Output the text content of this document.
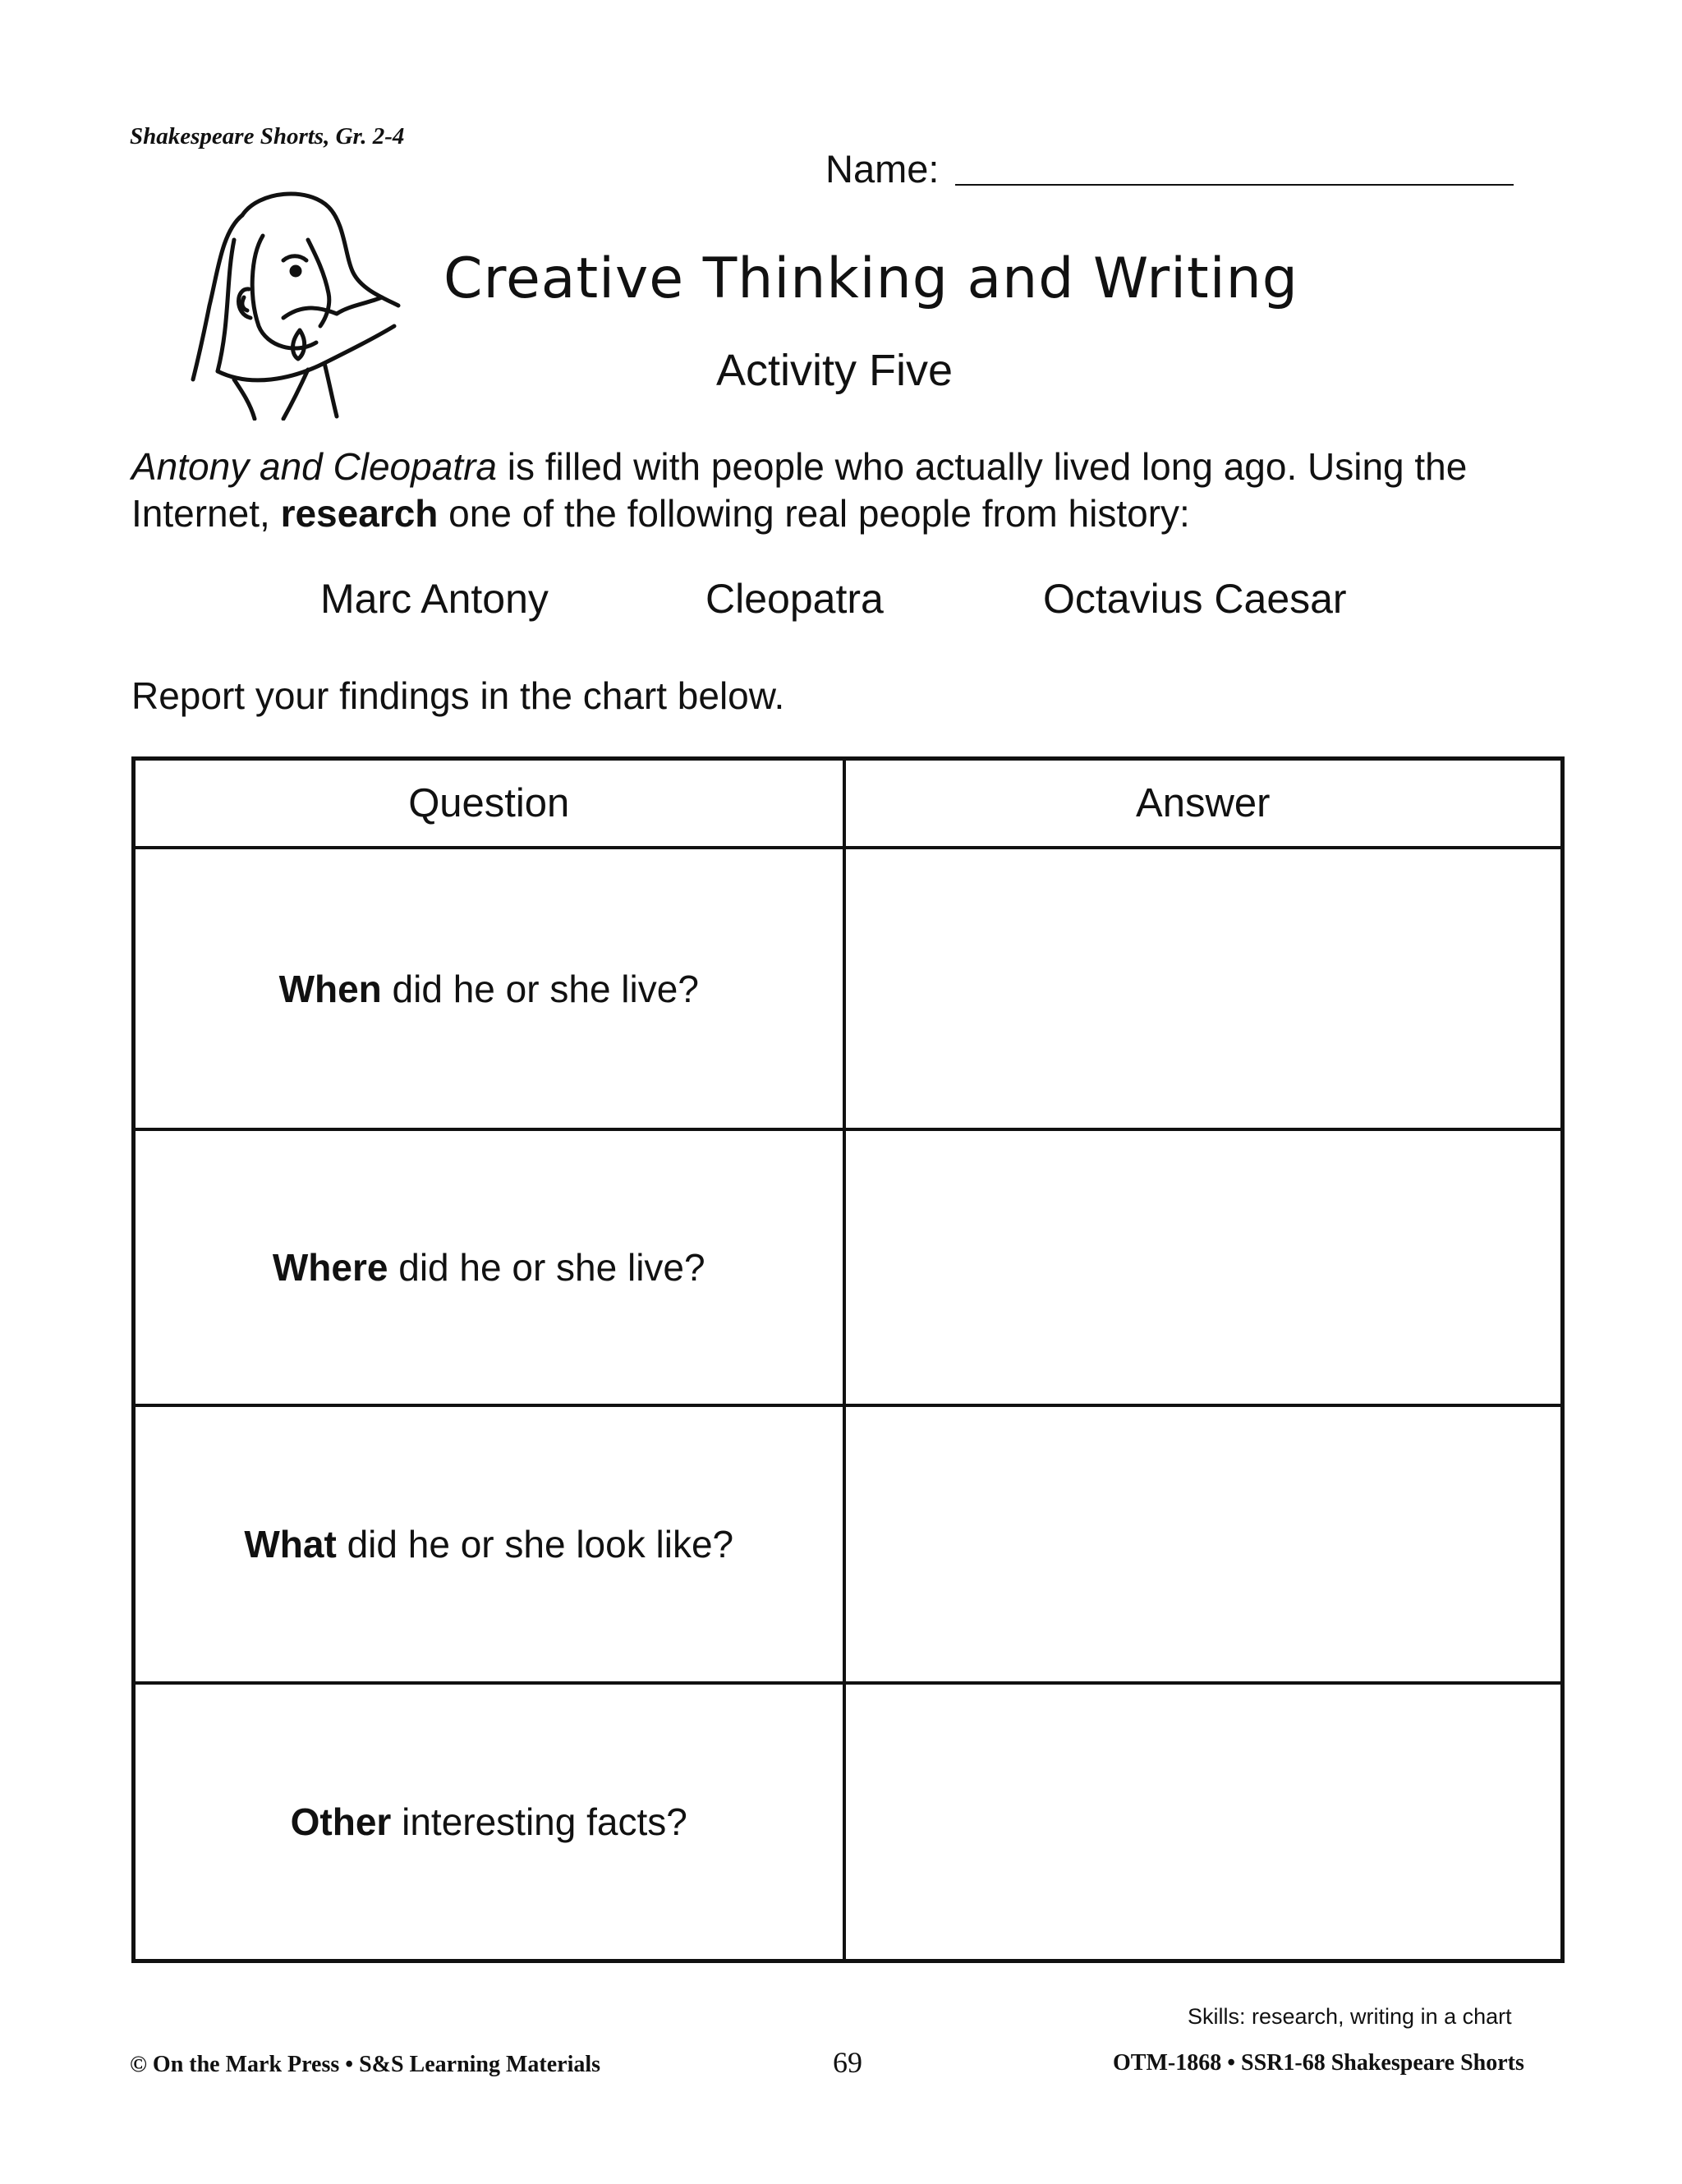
Shakespeare Shorts, Gr. 2-4
Name:
Creative Thinking and Writing
Activity Five
Antony and Cleopatra is filled with people who actually lived long ago. Using the Internet, research one of the following real people from history:
Marc Antony	Cleopatra	Octavius Caesar
Report your findings in the chart below.
Question	Answer
When did he or she live?	
Where did he or she live?	
What did he or she look like?	
Other interesting facts?	
Skills: research, writing in a chart
© On the Mark Press • S&S Learning Materials	69	OTM-1868 • SSR1-68 Shakespeare Shorts
